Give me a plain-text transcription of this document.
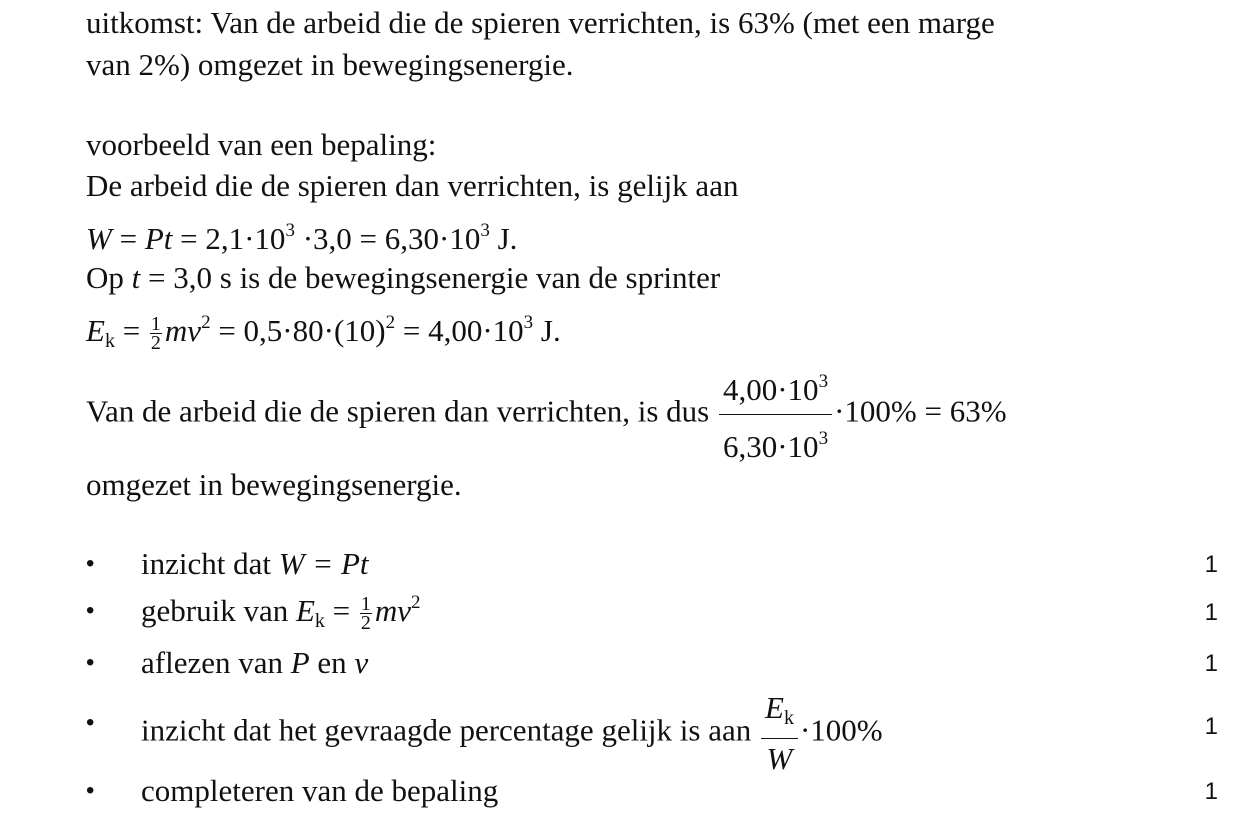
uitkomst: Van de arbeid die de spieren verrichten, is 63% (met een marge
van 2%) omgezet in bewegingsenergie.
voorbeeld van een bepaling:
De arbeid die de spieren dan verrichten, is gelijk aan
$W = Pt = 2,1\cdot 10^3 \cdot 3,0 = 6,30\cdot 10^3$ J.
Op t = 3,0 s is de bewegingsenergie van de sprinter
$E_k = \frac{1}{2} mv^2 = 0,5\cdot 80\cdot(10)^2 = 4,00\cdot 10^3$ J.
Van de arbeid die de spieren dan verrichten, is dus $\frac{4,00\cdot 10^3}{6,30\cdot 10^3} \cdot 100\% = 63\%$
omgezet in bewegingsenergie.
• inzicht dat W = Pt	1
• gebruik van $E_k = \frac{1}{2} mv^2$	1
• aflezen van P en v	1
• inzicht dat het gevraagde percentage gelijk is aan $\frac{E_k}{W} \cdot 100\%$	1
• completeren van de bepaling	1
